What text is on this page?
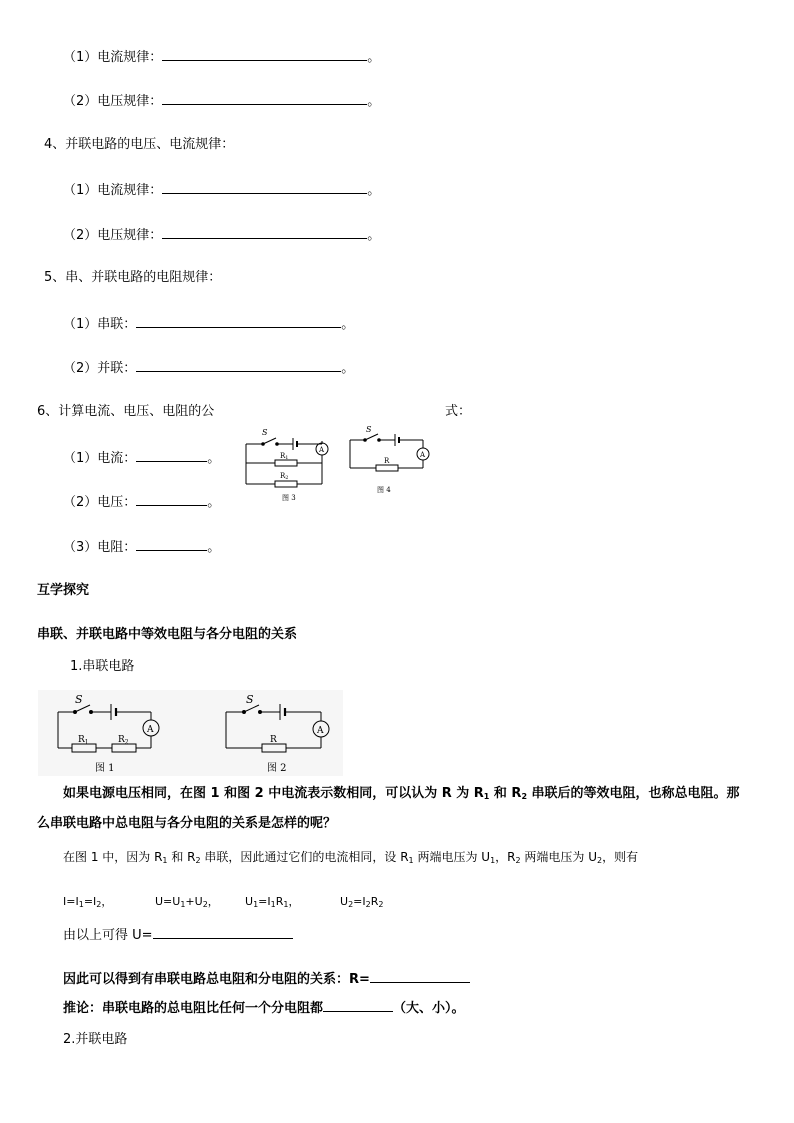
（1）电流规律：	。
（2）电压规律：	。
4、并联电路的电压、电流规律：
（1）电流规律：	。
（2）电压规律：	。
5、串、并联电路的电阻规律：
（1）串联：	。
（2）并联：	。
6、计算电流、电压、电阻的公	式：
（1）电流：	。
（2）电压：	。
（3）电阻：	。
S
A
R1
R2
图 3
S
A
R
图 4
互学探究
串联、并联电路中等效电阻与各分电阻的关系
1.串联电路
S
A
$R_1$	$R_2$
图 1
S
A
R
图 2
如果电源电压相同，在图 1 和图 2 中电流表示数相同，可以认为 R 为 $R_1$ 和 $R_2$ 串联后的等效电阻，也称总电阻。那
么串联电路中总电阻与各分电阻的关系是怎样的呢？
在图 1 中，因为 $R_1$ 和 $R_2$ 串联，因此通过它们的电流相同，设 $R_1$ 两端电压为 $U_1$，$R_2$ 两端电压为 $U_2$，则有
$I=I_1=I_2$，	$U=U_1+U_2$， $U_1=I_1R_1$，	$U_2=I_2R_2$
由以上可得 U=
因此可以得到有串联电路总电阻和分电阻的关系：R=
推论：串联电路的总电阻比任何一个分电阻都	（大、小）。
2.并联电路
